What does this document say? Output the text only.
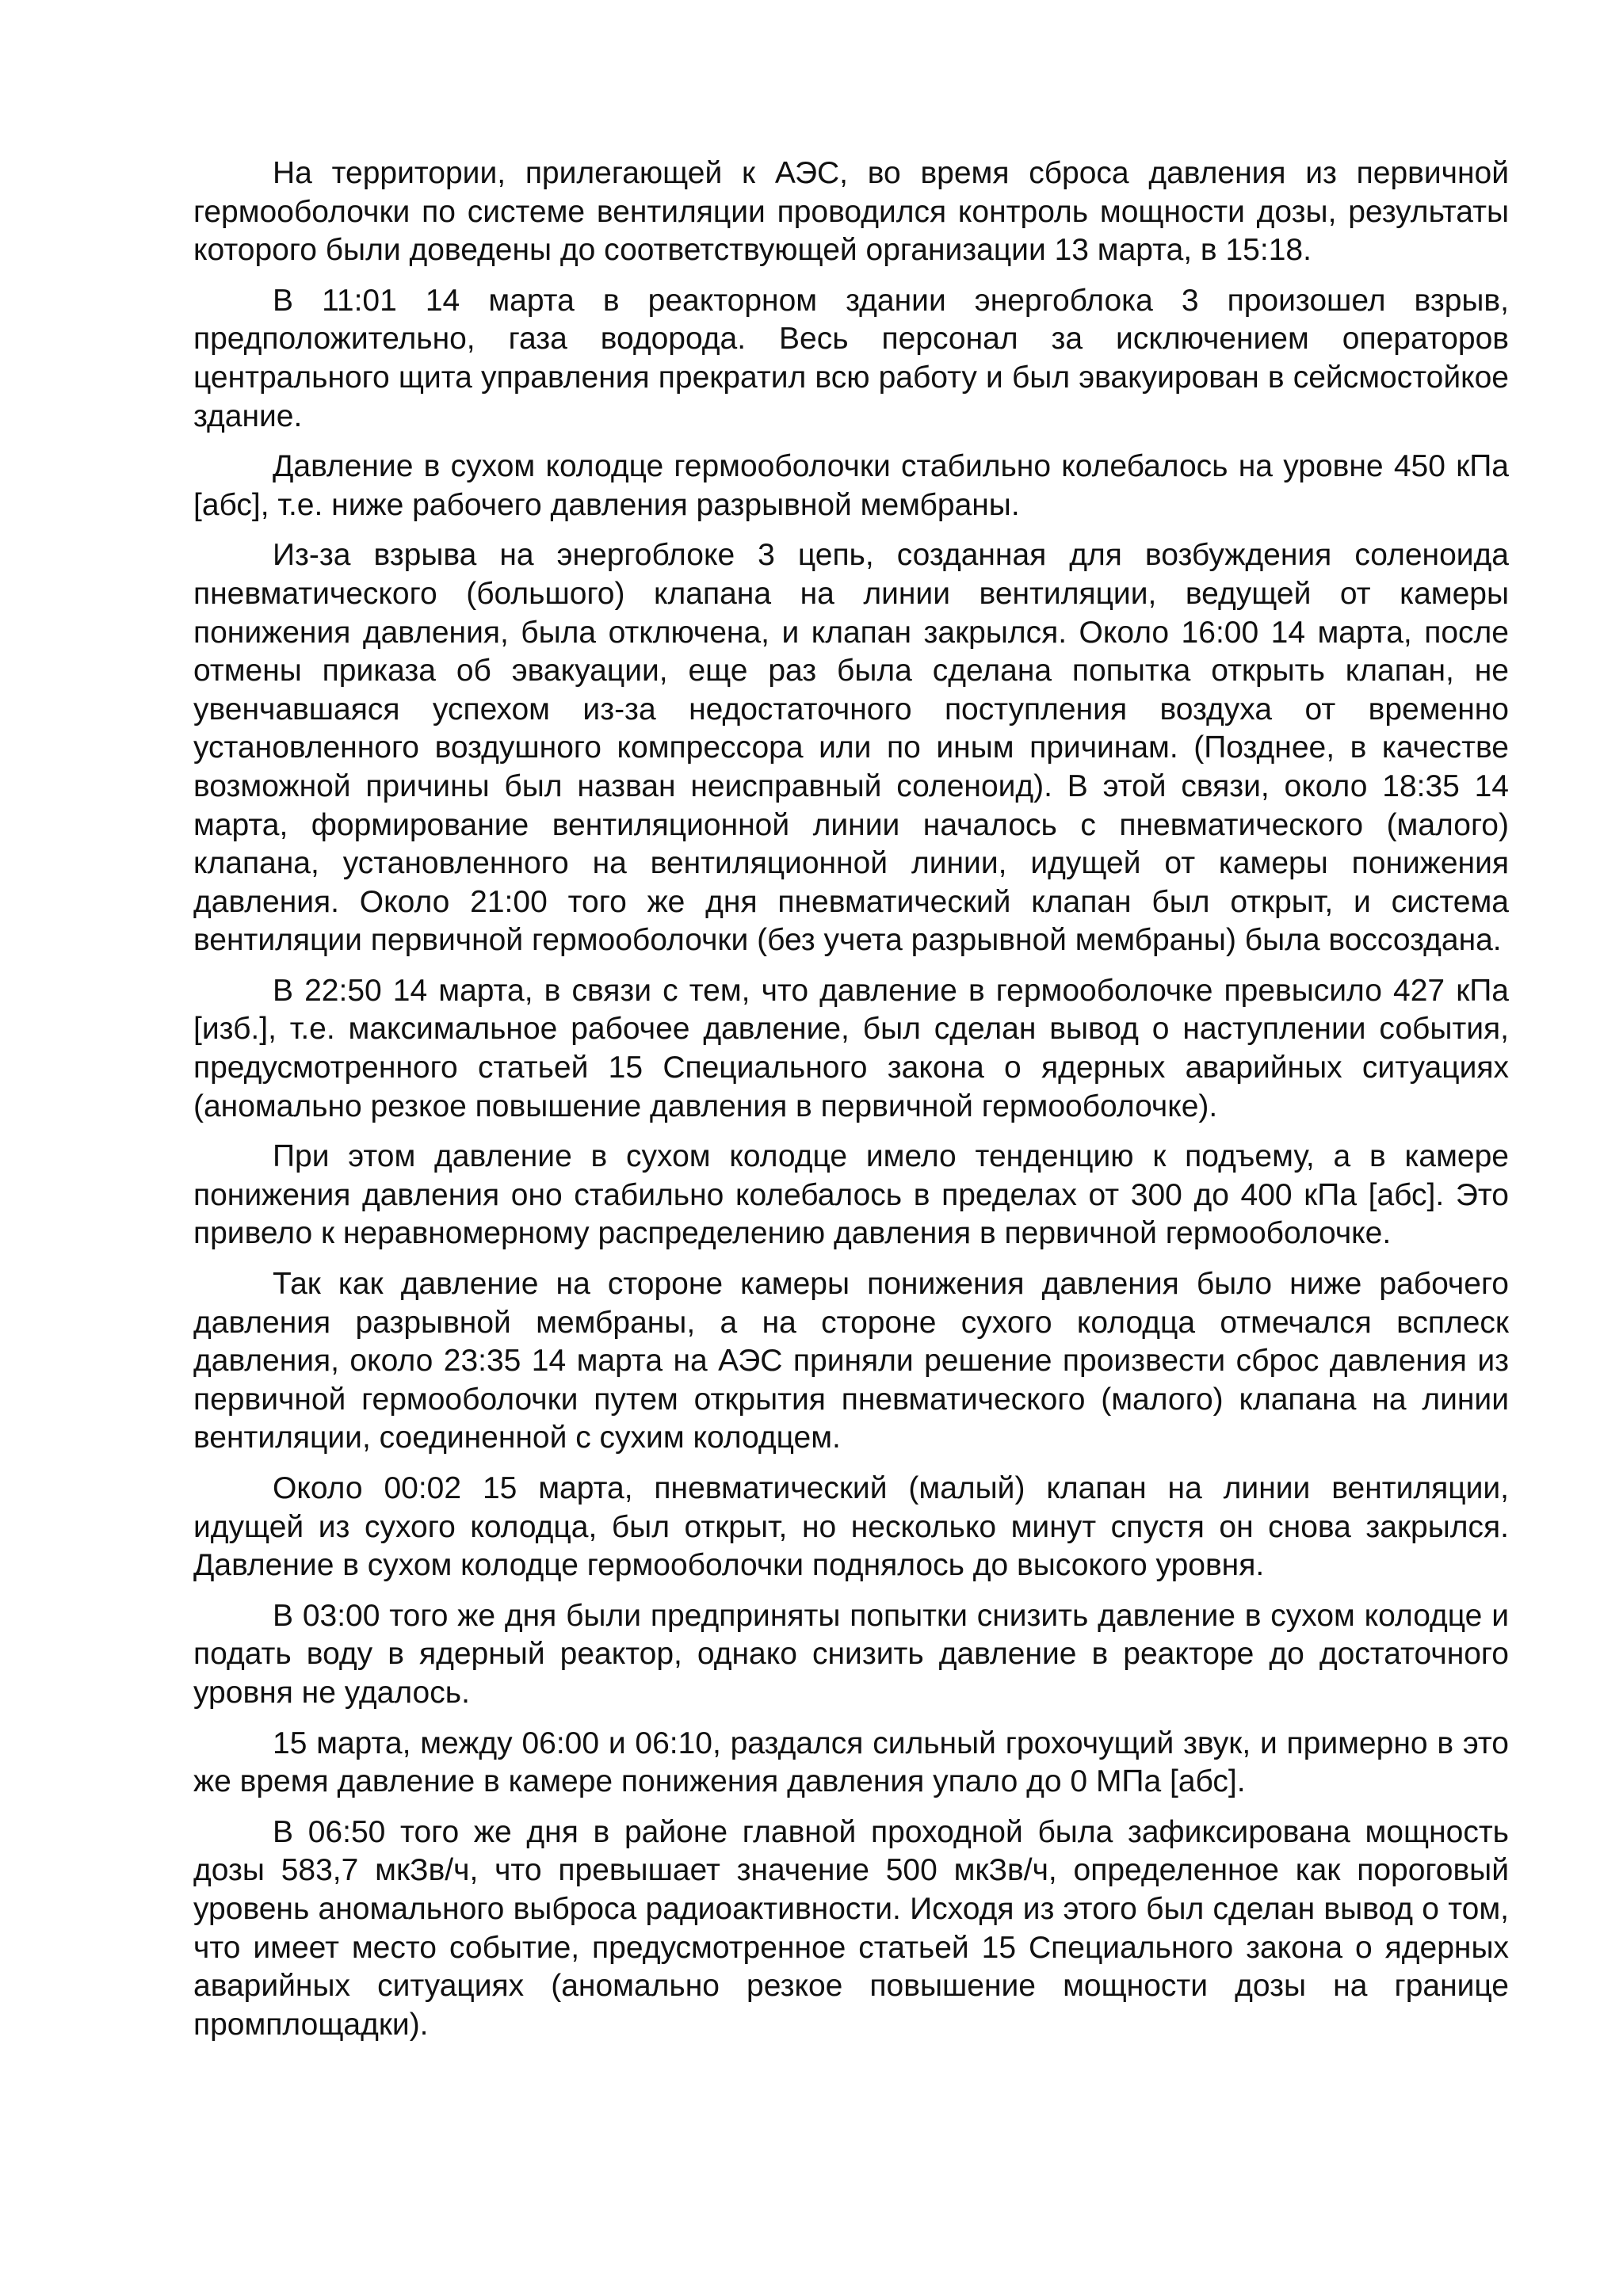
На территории, прилегающей к АЭС, во время сброса давления из первичной гермооболочки по системе вентиляции проводился контроль мощности дозы, результаты которого были доведены до соответствующей организации 13 марта, в 15:18.

В 11:01 14 марта в реакторном здании энергоблока 3 произошел взрыв, предположительно, газа водорода. Весь персонал за исключением операторов центрального щита управления прекратил всю работу и был эвакуирован в сейсмостойкое здание.

Давление в сухом колодце гермооболочки стабильно колебалось на уровне 450 кПа [абс], т.е. ниже рабочего давления разрывной мембраны.

Из-за взрыва на энергоблоке 3 цепь, созданная для возбуждения соленоида пневматического (большого) клапана на линии вентиляции, ведущей от камеры понижения давления, была отключена, и клапан закрылся. Около 16:00 14 марта, после отмены приказа об эвакуации, еще раз была сделана попытка открыть клапан, не увенчавшаяся успехом из-за недостаточного поступления воздуха от временно установленного воздушного компрессора или по иным причинам. (Позднее, в качестве возможной причины был назван неисправный соленоид). В этой связи, около 18:35 14 марта, формирование вентиляционной линии началось с пневматического (малого) клапана, установленного на вентиляционной линии, идущей от камеры понижения давления. Около 21:00 того же дня пневматический клапан был открыт, и система вентиляции первичной гермооболочки (без учета разрывной мембраны) была воссоздана.

В 22:50 14 марта, в связи с тем, что давление в гермооболочке превысило 427 кПа [изб.], т.е. максимальное рабочее давление, был сделан вывод о наступлении события, предусмотренного статьей 15 Специального закона о ядерных аварийных ситуациях (аномально резкое повышение давления в первичной гермооболочке).

При этом давление в сухом колодце имело тенденцию к подъему, а в камере понижения давления оно стабильно колебалось в пределах от 300 до 400 кПа [абс]. Это привело к неравномерному распределению давления в первичной гермооболочке.

Так как давление на стороне камеры понижения давления было ниже рабочего давления разрывной мембраны, а на стороне сухого колодца отмечался всплеск давления, около 23:35 14 марта на АЭС приняли решение произвести сброс давления из первичной гермооболочки путем открытия пневматического (малого) клапана на линии вентиляции, соединенной с сухим колодцем.

Около 00:02 15 марта, пневматический (малый) клапан на линии вентиляции, идущей из сухого колодца, был открыт, но несколько минут спустя он снова закрылся. Давление в сухом колодце гермооболочки поднялось до высокого уровня.

В 03:00 того же дня были предприняты попытки снизить давление в сухом колодце и подать воду в ядерный реактор, однако снизить давление в реакторе до достаточного уровня не удалось.

15 марта, между 06:00 и 06:10, раздался сильный грохочущий звук, и примерно в это же время давление в камере понижения давления упало до 0 МПа [абс].

В 06:50 того же дня в районе главной проходной была зафиксирована мощность дозы 583,7 мкЗв/ч, что превышает значение 500 мкЗв/ч, определенное как пороговый уровень аномального выброса радиоактивности. Исходя из этого был сделан вывод о том, что имеет место событие, предусмотренное статьей 15 Специального закона о ядерных аварийных ситуациях (аномально резкое повышение мощности дозы на границе промплощадки).
